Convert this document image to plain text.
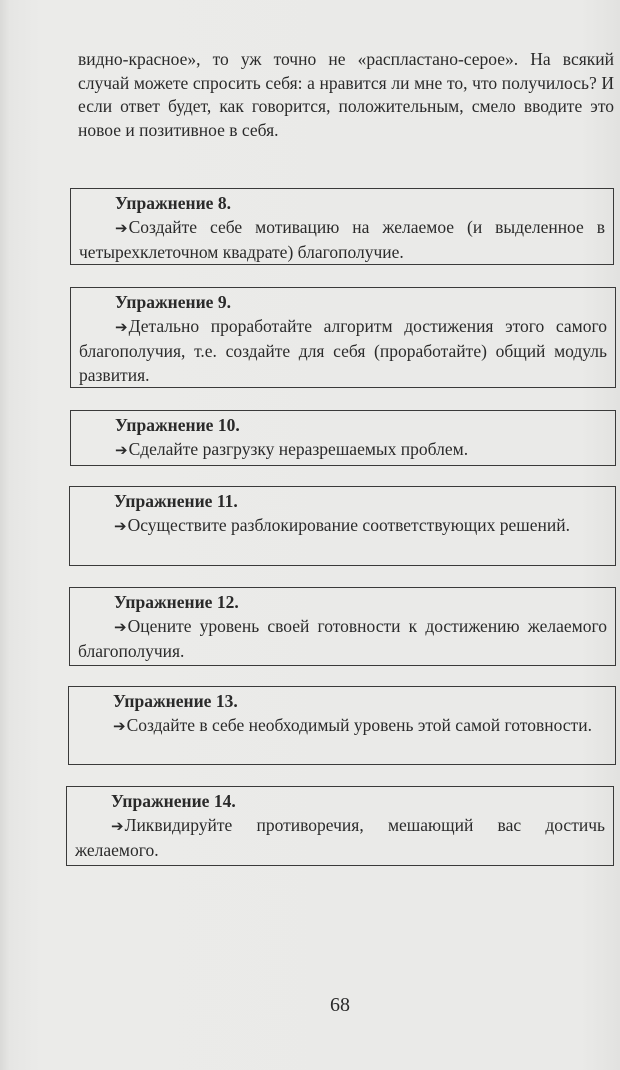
видно-красное», то уж точно не «распластано-серое». На всякий случай можете спросить себя: а нравится ли мне то, что получилось? И если ответ будет, как говорится, положительным, смело вводите это новое и позитивное в себя.

Упражнение 8.
➔Создайте себе мотивацию на желаемое (и выделенное в четырехклеточном квадрате) благополучие.
Упражнение 9.
➔Детально проработайте алгоритм достижения этого самого благополучия, т.е. создайте для себя (проработайте) общий модуль развития.
Упражнение 10.
➔Сделайте разгрузку неразрешаемых проблем.
Упражнение 11.
➔Осуществите разблокирование соответствующих решений.
Упражнение 12.
➔Оцените уровень своей готовности к достижению желаемого благополучия.
Упражнение 13.
➔Создайте в себе необходимый уровень этой самой готовности.
Упражнение 14.
➔Ликвидируйте противоречия, мешающий вас достичь желаемого.
68
